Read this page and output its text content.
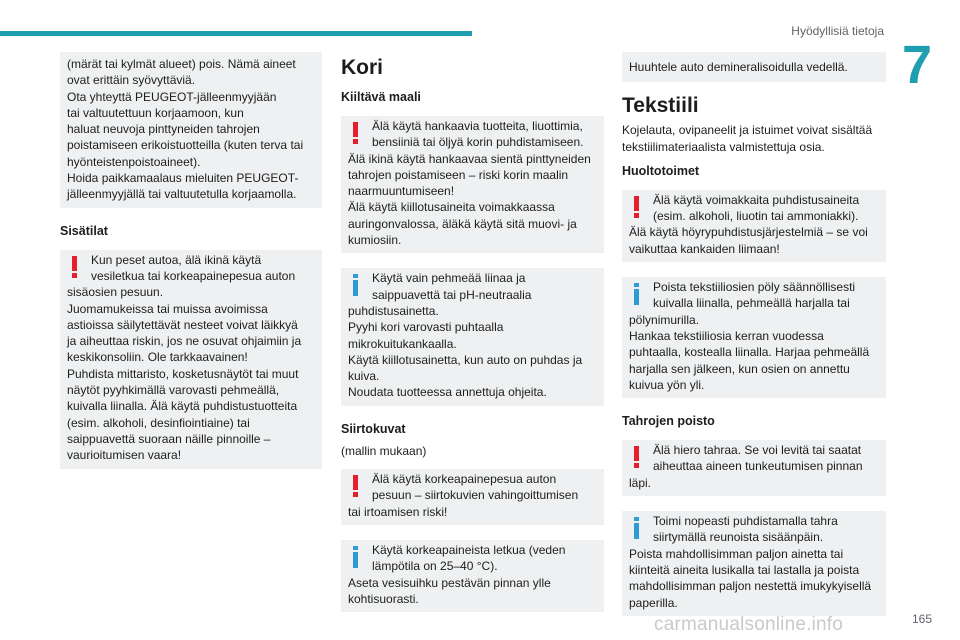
Hyödyllisiä tietoja
7
(märät tai kylmät alueet) pois. Nämä aineet
ovat erittäin syövyttäviä.
Ota yhteyttä PEUGEOT-jälleenmyyjään
tai valtuutettuun korjaamoon, kun
haluat neuvoja pinttyneiden tahrojen
poistamiseen erikoistuotteilla (kuten terva tai
hyönteistenpoistoaineet).
Hoida paikkamaalaus mieluiten PEUGEOT-
jälleenmyyjällä tai valtuutetulla korjaamolla.
Sisätilat
Kun peset autoa, älä ikinä käytä
vesiletkua tai korkeapainepesua auton
sisäosien pesuun.
Juomamukeissa tai muissa avoimissa
astioissa säilytettävät nesteet voivat läikkyä
ja aiheuttaa riskin, jos ne osuvat ohjaimiin ja
keskikonsoliin. Ole tarkkaavainen!
Puhdista mittaristo, kosketusnäytöt tai muut
näytöt pyyhkimällä varovasti pehmeällä,
kuivalla liinalla. Älä käytä puhdistustuotteita
(esim. alkoholi, desinfiointiaine) tai
saippuavettä suoraan näille pinnoille –
vaurioitumisen vaara!
Kori
Kiiltävä maali
Älä käytä hankaavia tuotteita, liuottimia,
bensiiniä tai öljyä korin puhdistamiseen.
Älä ikinä käytä hankaavaa sientä pinttyneiden
tahrojen poistamiseen – riski korin maalin
naarmuuntumiseen!
Älä käytä kiillotusaineita voimakkaassa
auringonvalossa, äläkä käytä sitä muovi- ja
kumiosiin.
Käytä vain pehmeää liinaa ja
saippuavettä tai pH-neutraalia
puhdistusainetta.
Pyyhi kori varovasti puhtaalla
mikrokuitukankaalla.
Käytä kiillotusainetta, kun auto on puhdas ja
kuiva.
Noudata tuotteessa annettuja ohjeita.
Siirtokuvat
(mallin mukaan)
Älä käytä korkeapainepesua auton
pesuun – siirtokuvien vahingoittumisen
tai irtoamisen riski!
Käytä korkeapaineista letkua (veden
lämpötila on 25–40 °C).
Aseta vesisuihku pestävän pinnan ylle
kohtisuorasti.
Huuhtele auto demineralisoidulla vedellä.
Tekstiili
Kojelauta, ovipaneelit ja istuimet voivat sisältää
tekstiilimateriaalista valmistettuja osia.
Huoltotoimet
Älä käytä voimakkaita puhdistusaineita
(esim. alkoholi, liuotin tai ammoniakki).
Älä käytä höyrypuhdistusjärjestelmiä – se voi
vaikuttaa kankaiden liimaan!
Poista tekstiiliosien pöly säännöllisesti
kuivalla liinalla, pehmeällä harjalla tai
pölynimurilla.
Hankaa tekstiiliosia kerran vuodessa
puhtaalla, kostealla liinalla. Harjaa pehmeällä
harjalla sen jälkeen, kun osien on annettu
kuivua yön yli.
Tahrojen poisto
Älä hiero tahraa. Se voi levitä tai saatat
aiheuttaa aineen tunkeutumisen pinnan
läpi.
Toimi nopeasti puhdistamalla tahra
siirtymällä reunoista sisäänpäin.
Poista mahdollisimman paljon ainetta tai
kiinteitä aineita lusikalla tai lastalla ja poista
mahdollisimman paljon nestettä imukykyisellä
paperilla.
carmanualsonline.info	165
